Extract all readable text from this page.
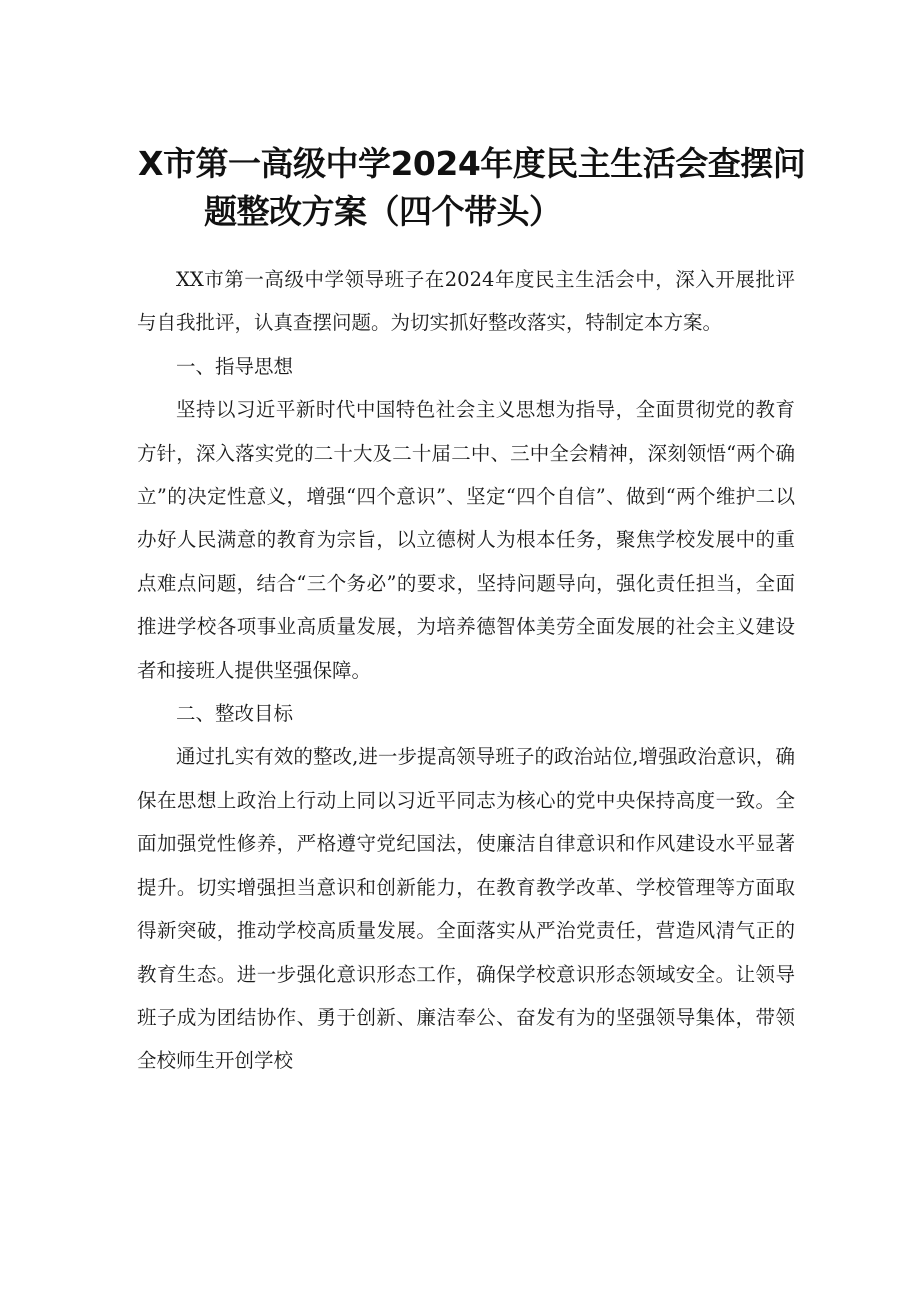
X市第一高级中学2024年度民主生活会查摆问
题整改方案（四个带头）

XX市第一高级中学领导班子在2024年度民主生活会中，深入开展批评与自我批评，认真查摆问题。为切实抓好整改落实，特制定本方案。

一、指导思想

坚持以习近平新时代中国特色社会主义思想为指导，全面贯彻党的教育方针，深入落实党的二十大及二十届二中、三中全会精神，深刻领悟“两个确立”的决定性意义，增强“四个意识”、坚定“四个自信”、做到“两个维护二以办好人民满意的教育为宗旨，以立德树人为根本任务，聚焦学校发展中的重点难点问题，结合“三个务必”的要求，坚持问题导向，强化责任担当，全面推进学校各项事业高质量发展，为培养德智体美劳全面发展的社会主义建设者和接班人提供坚强保障。

二、整改目标

通过扎实有效的整改,进一步提高领导班子的政治站位,增强政治意识，确保在思想上政治上行动上同以习近平同志为核心的党中央保持高度一致。全面加强党性修养，严格遵守党纪国法，使廉洁自律意识和作风建设水平显著提升。切实增强担当意识和创新能力，在教育教学改革、学校管理等方面取得新突破，推动学校高质量发展。全面落实从严治党责任，营造风清气正的教育生态。进一步强化意识形态工作，确保学校意识形态领域安全。让领导班子成为团结协作、勇于创新、廉洁奉公、奋发有为的坚强领导集体，带领全校师生开创学校
